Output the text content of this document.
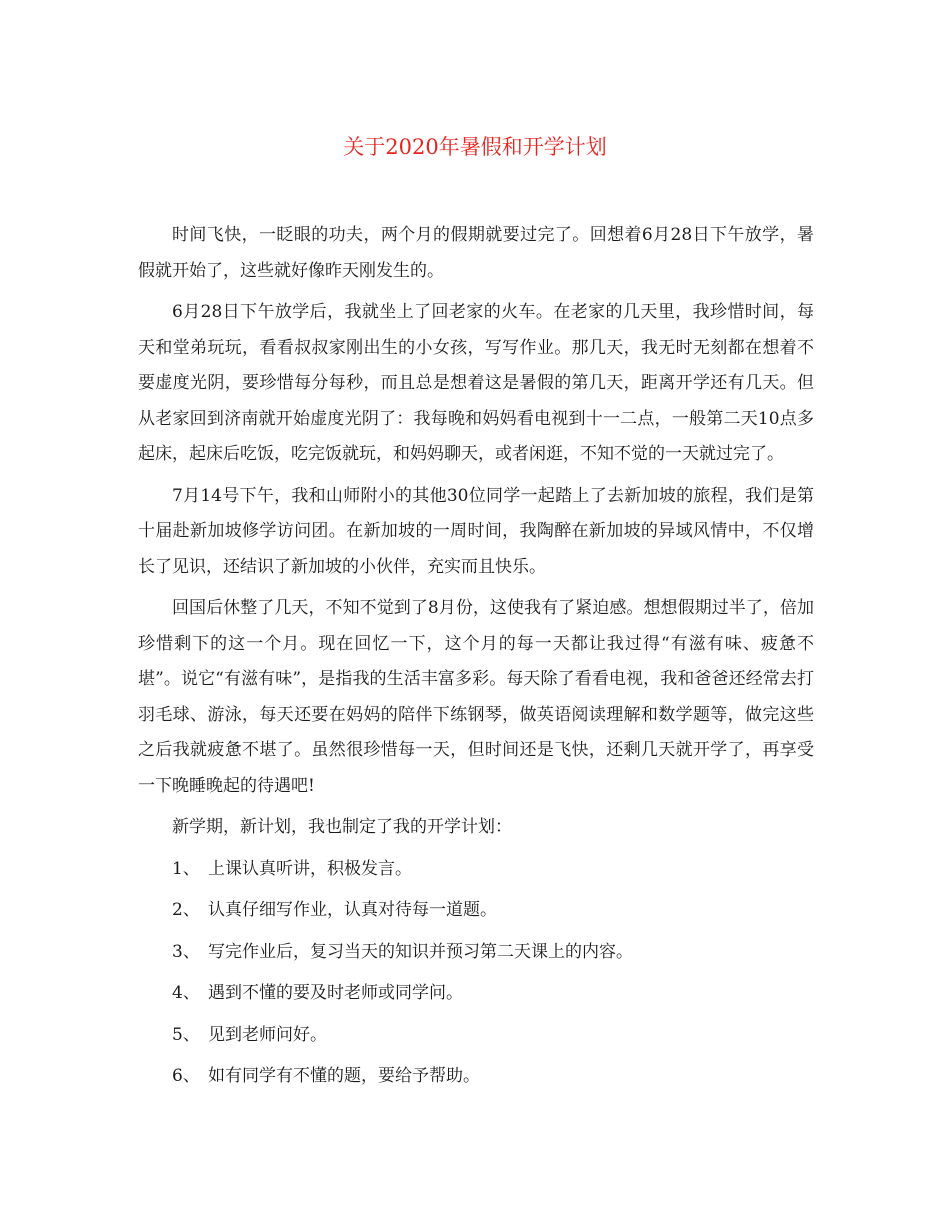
关于2020年暑假和开学计划

时间飞快，一眨眼的功夫，两个月的假期就要过完了。回想着6月28日下午放学，暑假就开始了，这些就好像昨天刚发生的。

6月28日下午放学后，我就坐上了回老家的火车。在老家的几天里，我珍惜时间，每天和堂弟玩玩，看看叔叔家刚出生的小女孩，写写作业。那几天，我无时无刻都在想着不要虚度光阴，要珍惜每分每秒，而且总是想着这是暑假的第几天，距离开学还有几天。但从老家回到济南就开始虚度光阴了：我每晚和妈妈看电视到十一二点，一般第二天10点多起床，起床后吃饭，吃完饭就玩，和妈妈聊天，或者闲逛，不知不觉的一天就过完了。

7月14号下午，我和山师附小的其他30位同学一起踏上了去新加坡的旅程，我们是第十届赴新加坡修学访问团。在新加坡的一周时间，我陶醉在新加坡的异域风情中，不仅增长了见识，还结识了新加坡的小伙伴，充实而且快乐。

回国后休整了几天，不知不觉到了8月份，这使我有了紧迫感。想想假期过半了，倍加珍惜剩下的这一个月。现在回忆一下，这个月的每一天都让我过得“有滋有味、疲惫不堪”。说它“有滋有味”，是指我的生活丰富多彩。每天除了看看电视，我和爸爸还经常去打羽毛球、游泳，每天还要在妈妈的陪伴下练钢琴，做英语阅读理解和数学题等，做完这些之后我就疲惫不堪了。虽然很珍惜每一天，但时间还是飞快，还剩几天就开学了，再享受一下晚睡晚起的待遇吧!

新学期，新计划，我也制定了我的开学计划：

1、 上课认真听讲，积极发言。
2、 认真仔细写作业，认真对待每一道题。
3、 写完作业后，复习当天的知识并预习第二天课上的内容。
4、 遇到不懂的要及时老师或同学问。
5、 见到老师问好。
6、 如有同学有不懂的题，要给予帮助。
